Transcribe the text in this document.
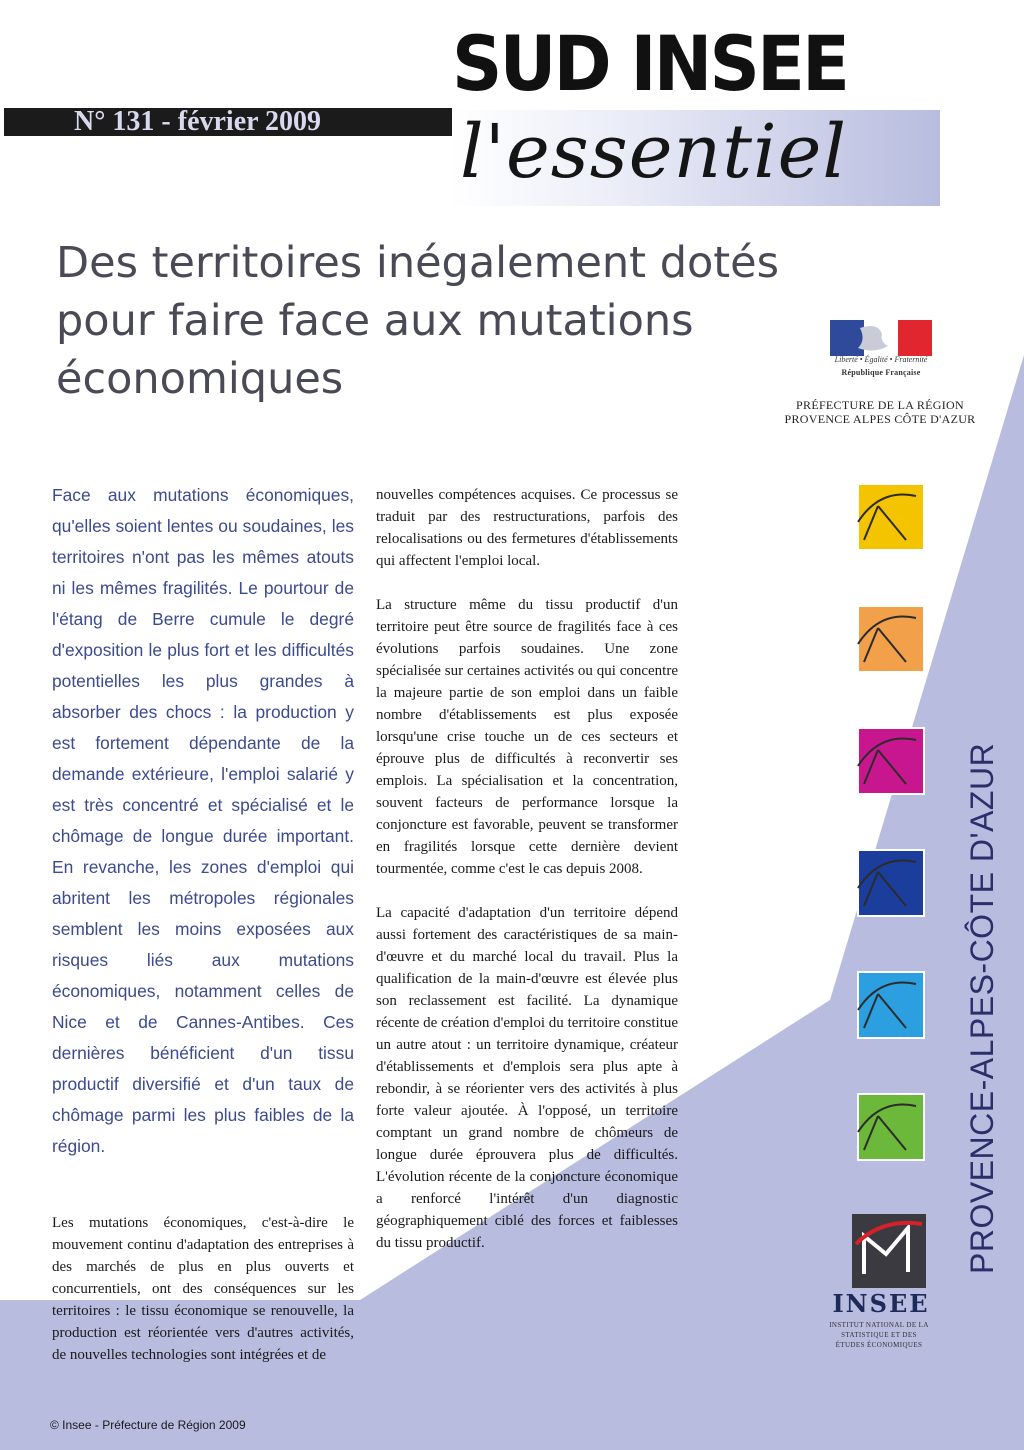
SUD INSEE
N° 131 - février 2009 l'essentiel
Des territoires inégalement dotés pour faire face aux mutations économiques	Liberté • Égalité • Fraternité
République Française
PRÉFECTURE DE LA RÉGION
PROVENCE ALPES CÔTE D'AZUR
Face aux mutations économiques, qu'elles soient lentes ou soudaines, les territoires n'ont pas les mêmes atouts ni les mêmes fragilités. Le pourtour de l'étang de Berre cumule le degré d'exposition le plus fort et les difficultés potentielles les plus grandes à absorber des chocs : la production y est fortement dépendante de la demande extérieure, l'emploi salarié y est très concentré et spécialisé et le chômage de longue durée important. En revanche, les zones d'emploi qui abritent les métropoles régionales semblent les moins exposées aux risques liés aux mutations économiques, notamment celles de Nice et de Cannes-Antibes. Ces dernières bénéficient d'un tissu productif diversifié et d'un taux de chômage parmi les plus faibles de la région.
Les mutations économiques, c'est-à-dire le mouvement continu d'adaptation des entreprises à des marchés de plus en plus ouverts et concurrentiels, ont des conséquences sur les territoires : le tissu économique se renouvelle, la production est réorientée vers d'autres activités, de nouvelles technologies sont intégrées et de

nouvelles compétences acquises. Ce processus se traduit par des restructurations, parfois des relocalisations ou des fermetures d'établissements qui affectent l'emploi local.

La structure même du tissu productif d'un territoire peut être source de fragilités face à ces évolutions parfois soudaines. Une zone spécialisée sur certaines activités ou qui concentre la majeure partie de son emploi dans un faible nombre d'établissements est plus exposée lorsqu'une crise touche un de ces secteurs et éprouve plus de difficultés à reconvertir ses emplois. La spécialisation et la concentration, souvent facteurs de performance lorsque la conjoncture est favorable, peuvent se transformer en fragilités lorsque cette dernière devient tourmentée, comme c'est le cas depuis 2008.

La capacité d'adaptation d'un territoire dépend aussi fortement des caractéristiques de sa main-d'œuvre et du marché local du travail. Plus la qualification de la main-d'œuvre est élevée plus son reclassement est facilité. La dynamique récente de création d'emploi du territoire constitue un autre atout : un territoire dynamique, créateur d'établissements et d'emplois sera plus apte à rebondir, à se réorienter vers des activités à plus forte valeur ajoutée. À l'opposé, un territoire comptant un grand nombre de chômeurs de longue durée éprouvera plus de difficultés. L'évolution récente de la conjoncture économique a renforcé l'intérêt d'un diagnostic géographiquement ciblé des forces et faiblesses du tissu productif.	PROVENCE-ALPES-CÔTE D'AZUR
INSEE
INSTITUT NATIONAL DE LA STATISTIQUE ET DES ÉTUDES ÉCONOMIQUES
© Insee - Préfecture de Région 2009
